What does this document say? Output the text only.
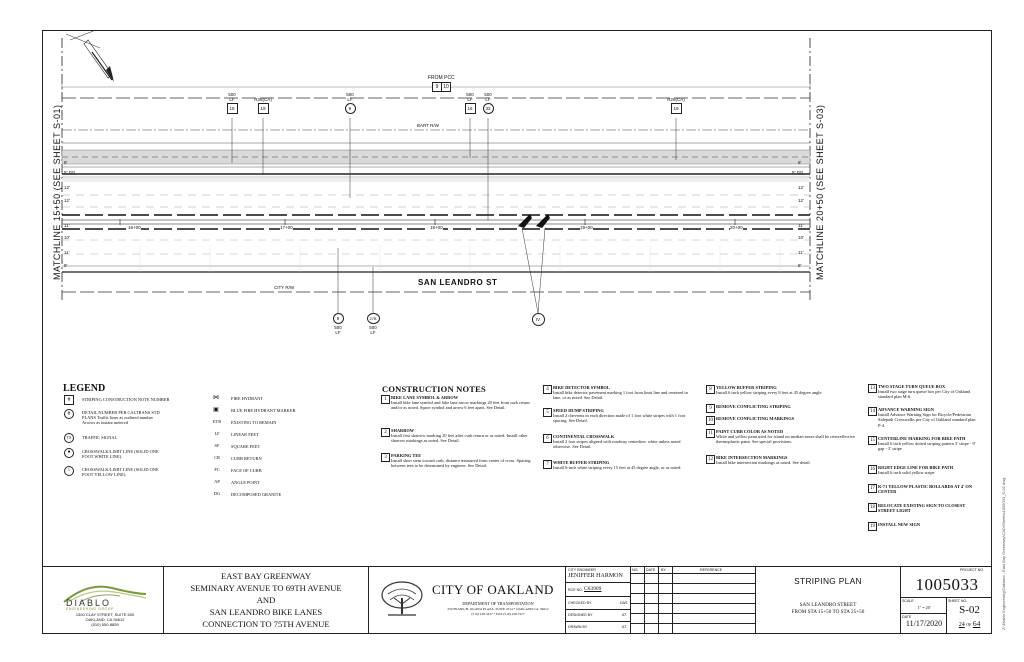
FROM PCC
9 10
MATCHLINE 15+50 (SEE SHEET S-01)	MATCHLINE 20+50 (SEE SHEET S-03)
BART R/W
CITY R/W
SAN LEANDRO ST
16+00	17+00	18+00	19+00	20+00
8'
5' DG
12'
12'
11'
10'
11'
8'
8'
5' DG
12'
12'
11'
10'
11'
8'
500
LF
15
R26(CA)
19
500
LF
9
500
LF
16
500
LF
32
R26(CA)
19
9
500
LF
27B
500
LF
IV
LEGEND
#	STRIPING CONSTRUCTION NOTE NUMBER
#	DETAIL NUMBER PER CALTRANS STD PLANS Traffic lines as outlined number Arrows as instant metered
TS	TRAFFIC SIGNAL
●	CROSSWALK/LIMIT LINE (SOLID ONE FOOT WHITE LINE).
○	CROSSWALK/LIMIT LINE (SOLID ONE FOOT YELLOW LINE).
⋈	FIRE HYDRANT
▣	BLUE FIRE HYDRANT MARKER
ETR	EXISTING TO REMAIN
LF	LINEAR FEET
SF	SQUARE FEET
CR	CURB RETURN
FC	FACE OF CURB
AP	ANGLE POINT
DG	DECOMPOSED GRANITE
CONSTRUCTION NOTES
1 BIKE LANE SYMBOL & ARROW
Install bike lane symbol and bike lane arrow markings 20 feet from curb return and/or as noted. Space symbol and arrow 6 feet apart. See Detail.
2 SHARROW
Install first sharrow marking 20 feet after curb return or as noted. Install other sharrow markings as noted. See Detail.
3 PARKING TEE
Install short stem toward curb, distance measured from center of cross. Spacing between tees to be determined by engineer. See Detail.
4 BIKE DETECTOR SYMBOL
Install bike detector pavement marking 1 foot from limit line and centered in lane, or as noted. See Detail.
5 SPEED HUMP STRIPING
Install 2 chevrons in each direction made of 1 foot white stripes with 1 foot spacing. See Detail.
6 CONTINENTAL CROSSWALK
Install 2 foot stripes aligned with roadway centerline, white unless noted otherwise. See Detail.
7 WHITE BUFFER STRIPING
Install 6-inch white striping every 15 feet at 45 degree angle, or as noted.
8 YELLOW BUFFER STRIPING
Install 6 inch yellow striping every 8 feet at 45 degree angle.
9 REMOVE CONFLICTING STRIPING
10 REMOVE CONFLICTING MARKINGS
11 PAINT CURB COLOR AS NOTED
White and yellow paint used for island on median noses shall be retroreflective thermoplastic paint. See special provisions.
12 BIKE INTERSECTION MARKINGS
Install bike intersection markings as noted. See detail.
13 TWO STAGE TURN QUEUE BOX
Install two stage turn queue box per City of Oakland standard plan M-6.
14 ADVANCE WARNING SIGN
Install Advance Warning Sign for Bicycle/Pedestrian Sidepath Crosswalks per City of Oakland standard plan P-4.
15 CENTERLINE MARKING FOR BIKE PATH
Install 6 inch yellow dotted striping pattern 3' stripe - 9' gap - 3' stripe
16 RIGHT EDGE LINE FOR BIKE PATH
Install 6 inch solid yellow stripe
17 K-71 YELLOW PLASTIC BOLLARDS AT 4' ON CENTER
18 RELOCATE EXISTING SIGN TO CLOSEST STREET LIGHT
19 INSTALL NEW SIGN
DIABLO
ENGINEERING GROUP
1300 CLAY STREET, SUITE 600
OAKLAND, CA 94612
(510) 550-8859
EAST BAY GREENWAY
SEMINARY AVENUE TO 69TH AVENUE
AND
SAN LEANDRO BIKE LANES
CONNECTION TO 75TH AVENUE
CITY OF OAKLAND
DEPARTMENT OF TRANSPORTATION
250 FRANK H. OGAWA PLAZA, SUITE 4314 * OAKLAND CA. 94612
(510) 238-3437 * FAX (510) 238-7227
CITY ENGINEER
JENIFFER HARMON
RCE NO. C63909
CHECKED BY	DAS
DESIGNED BY	AT
DRAWN BY	AT
NO. DATE BY	REFERENCE
STRIPING PLAN
SAN LEANDRO STREET
FROM STA 15+50 TO STA 25+50
PROJECT NO.
1005033
SCALE
1" = 20'
DATE
11/17/2020
SHEET NO.
S-02
24 OF 64	Z:\Diablo Engineering\Oakland - East Bay Greenway\CAD\Sheets\1005033_S-02.dwg
